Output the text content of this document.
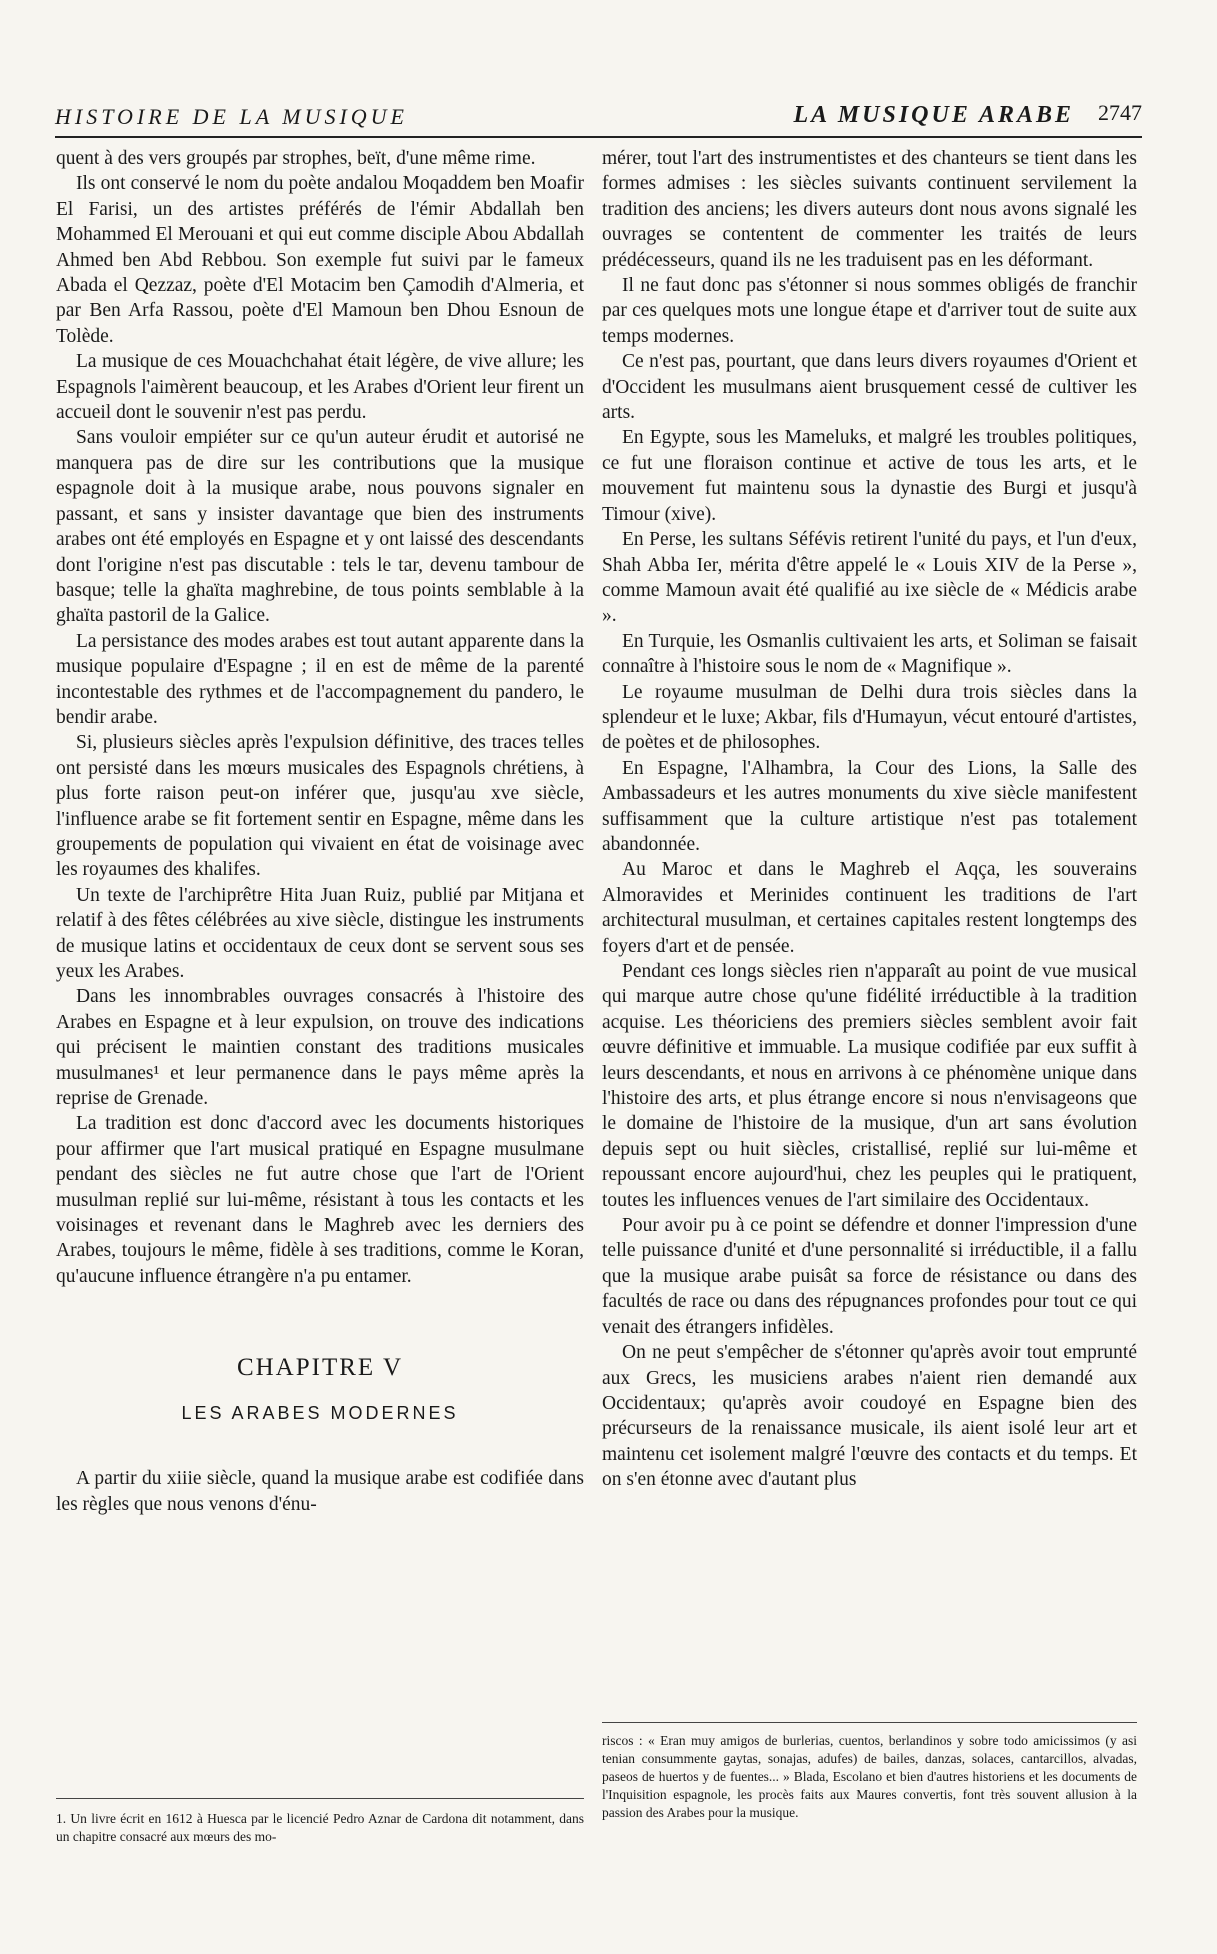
HISTOIRE DE LA MUSIQUE	LA MUSIQUE ARABE 2747

quent à des vers groupés par strophes, beït, d'une même rime.

Ils ont conservé le nom du poète andalou Moqaddem ben Moafir El Farisi, un des artistes préférés de l'émir Abdallah ben Mohammed El Merouani et qui eut comme disciple Abou Abdallah Ahmed ben Abd Rebbou. Son exemple fut suivi par le fameux Abada el Qezzaz, poète d'El Motacim ben Çamodih d'Almeria, et par Ben Arfa Rassou, poète d'El Mamoun ben Dhou Esnoun de Tolède.

La musique de ces Mouachchahat était légère, de vive allure; les Espagnols l'aimèrent beaucoup, et les Arabes d'Orient leur firent un accueil dont le souvenir n'est pas perdu.

Sans vouloir empiéter sur ce qu'un auteur érudit et autorisé ne manquera pas de dire sur les contributions que la musique espagnole doit à la musique arabe, nous pouvons signaler en passant, et sans y insister davantage que bien des instruments arabes ont été employés en Espagne et y ont laissé des descendants dont l'origine n'est pas discutable : tels le tar, devenu tambour de basque; telle la ghaïta maghrebine, de tous points semblable à la ghaïta pastoril de la Galice.

La persistance des modes arabes est tout autant apparente dans la musique populaire d'Espagne ; il en est de même de la parenté incontestable des rythmes et de l'accompagnement du pandero, le bendir arabe.

Si, plusieurs siècles après l'expulsion définitive, des traces telles ont persisté dans les mœurs musicales des Espagnols chrétiens, à plus forte raison peut-on inférer que, jusqu'au xve siècle, l'influence arabe se fit fortement sentir en Espagne, même dans les groupements de population qui vivaient en état de voisinage avec les royaumes des khalifes.

Un texte de l'archiprêtre Hita Juan Ruiz, publié par Mitjana et relatif à des fêtes célébrées au xive siècle, distingue les instruments de musique latins et occidentaux de ceux dont se servent sous ses yeux les Arabes.

Dans les innombrables ouvrages consacrés à l'histoire des Arabes en Espagne et à leur expulsion, on trouve des indications qui précisent le maintien constant des traditions musicales musulmanes¹ et leur permanence dans le pays même après la reprise de Grenade.

La tradition est donc d'accord avec les documents historiques pour affirmer que l'art musical pratiqué en Espagne musulmane pendant des siècles ne fut autre chose que l'art de l'Orient musulman replié sur lui-même, résistant à tous les contacts et les voisinages et revenant dans le Maghreb avec les derniers des Arabes, toujours le même, fidèle à ses traditions, comme le Koran, qu'aucune influence étrangère n'a pu entamer.

CHAPITRE V
LES ARABES MODERNES

A partir du xiiie siècle, quand la musique arabe est codifiée dans les règles que nous venons d'énu-

mérer, tout l'art des instrumentistes et des chanteurs se tient dans les formes admises : les siècles suivants continuent servilement la tradition des anciens; les divers auteurs dont nous avons signalé les ouvrages se contentent de commenter les traités de leurs prédécesseurs, quand ils ne les traduisent pas en les déformant.

Il ne faut donc pas s'étonner si nous sommes obligés de franchir par ces quelques mots une longue étape et d'arriver tout de suite aux temps modernes.

Ce n'est pas, pourtant, que dans leurs divers royaumes d'Orient et d'Occident les musulmans aient brusquement cessé de cultiver les arts.

En Egypte, sous les Mameluks, et malgré les troubles politiques, ce fut une floraison continue et active de tous les arts, et le mouvement fut maintenu sous la dynastie des Burgi et jusqu'à Timour (xive).

En Perse, les sultans Séfévis retirent l'unité du pays, et l'un d'eux, Shah Abba Ier, mérita d'être appelé le « Louis XIV de la Perse », comme Mamoun avait été qualifié au ixe siècle de « Médicis arabe ».

En Turquie, les Osmanlis cultivaient les arts, et Soliman se faisait connaître à l'histoire sous le nom de « Magnifique ».

Le royaume musulman de Delhi dura trois siècles dans la splendeur et le luxe; Akbar, fils d'Humayun, vécut entouré d'artistes, de poètes et de philosophes.

En Espagne, l'Alhambra, la Cour des Lions, la Salle des Ambassadeurs et les autres monuments du xive siècle manifestent suffisamment que la culture artistique n'est pas totalement abandonnée.

Au Maroc et dans le Maghreb el Aqça, les souverains Almoravides et Merinides continuent les traditions de l'art architectural musulman, et certaines capitales restent longtemps des foyers d'art et de pensée.

Pendant ces longs siècles rien n'apparaît au point de vue musical qui marque autre chose qu'une fidélité irréductible à la tradition acquise. Les théoriciens des premiers siècles semblent avoir fait œuvre définitive et immuable. La musique codifiée par eux suffit à leurs descendants, et nous en arrivons à ce phénomène unique dans l'histoire des arts, et plus étrange encore si nous n'envisageons que le domaine de l'histoire de la musique, d'un art sans évolution depuis sept ou huit siècles, cristallisé, replié sur lui-même et repoussant encore aujourd'hui, chez les peuples qui le pratiquent, toutes les influences venues de l'art similaire des Occidentaux.

Pour avoir pu à ce point se défendre et donner l'impression d'une telle puissance d'unité et d'une personnalité si irréductible, il a fallu que la musique arabe puisât sa force de résistance ou dans des facultés de race ou dans des répugnances profondes pour tout ce qui venait des étrangers infidèles.

On ne peut s'empêcher de s'étonner qu'après avoir tout emprunté aux Grecs, les musiciens arabes n'aient rien demandé aux Occidentaux; qu'après avoir coudoyé en Espagne bien des précurseurs de la renaissance musicale, ils aient isolé leur art et maintenu cet isolement malgré l'œuvre des contacts et du temps. Et on s'en étonne avec d'autant plus

1. Un livre écrit en 1612 à Huesca par le licencié Pedro Aznar de Cardona dit notamment, dans un chapitre consacré aux mœurs des mo-
riscos : « Eran muy amigos de burlerias, cuentos, berlandinos y sobre todo amicissimos (y asi tenian consummente gaytas, sonajas, adufes) de bailes, danzas, solaces, cantarcillos, alvadas, paseos de huertos y de fuentes... » Blada, Escolano et bien d'autres historiens et les documents de l'Inquisition espagnole, les procès faits aux Maures convertis, font très souvent allusion à la passion des Arabes pour la musique.
